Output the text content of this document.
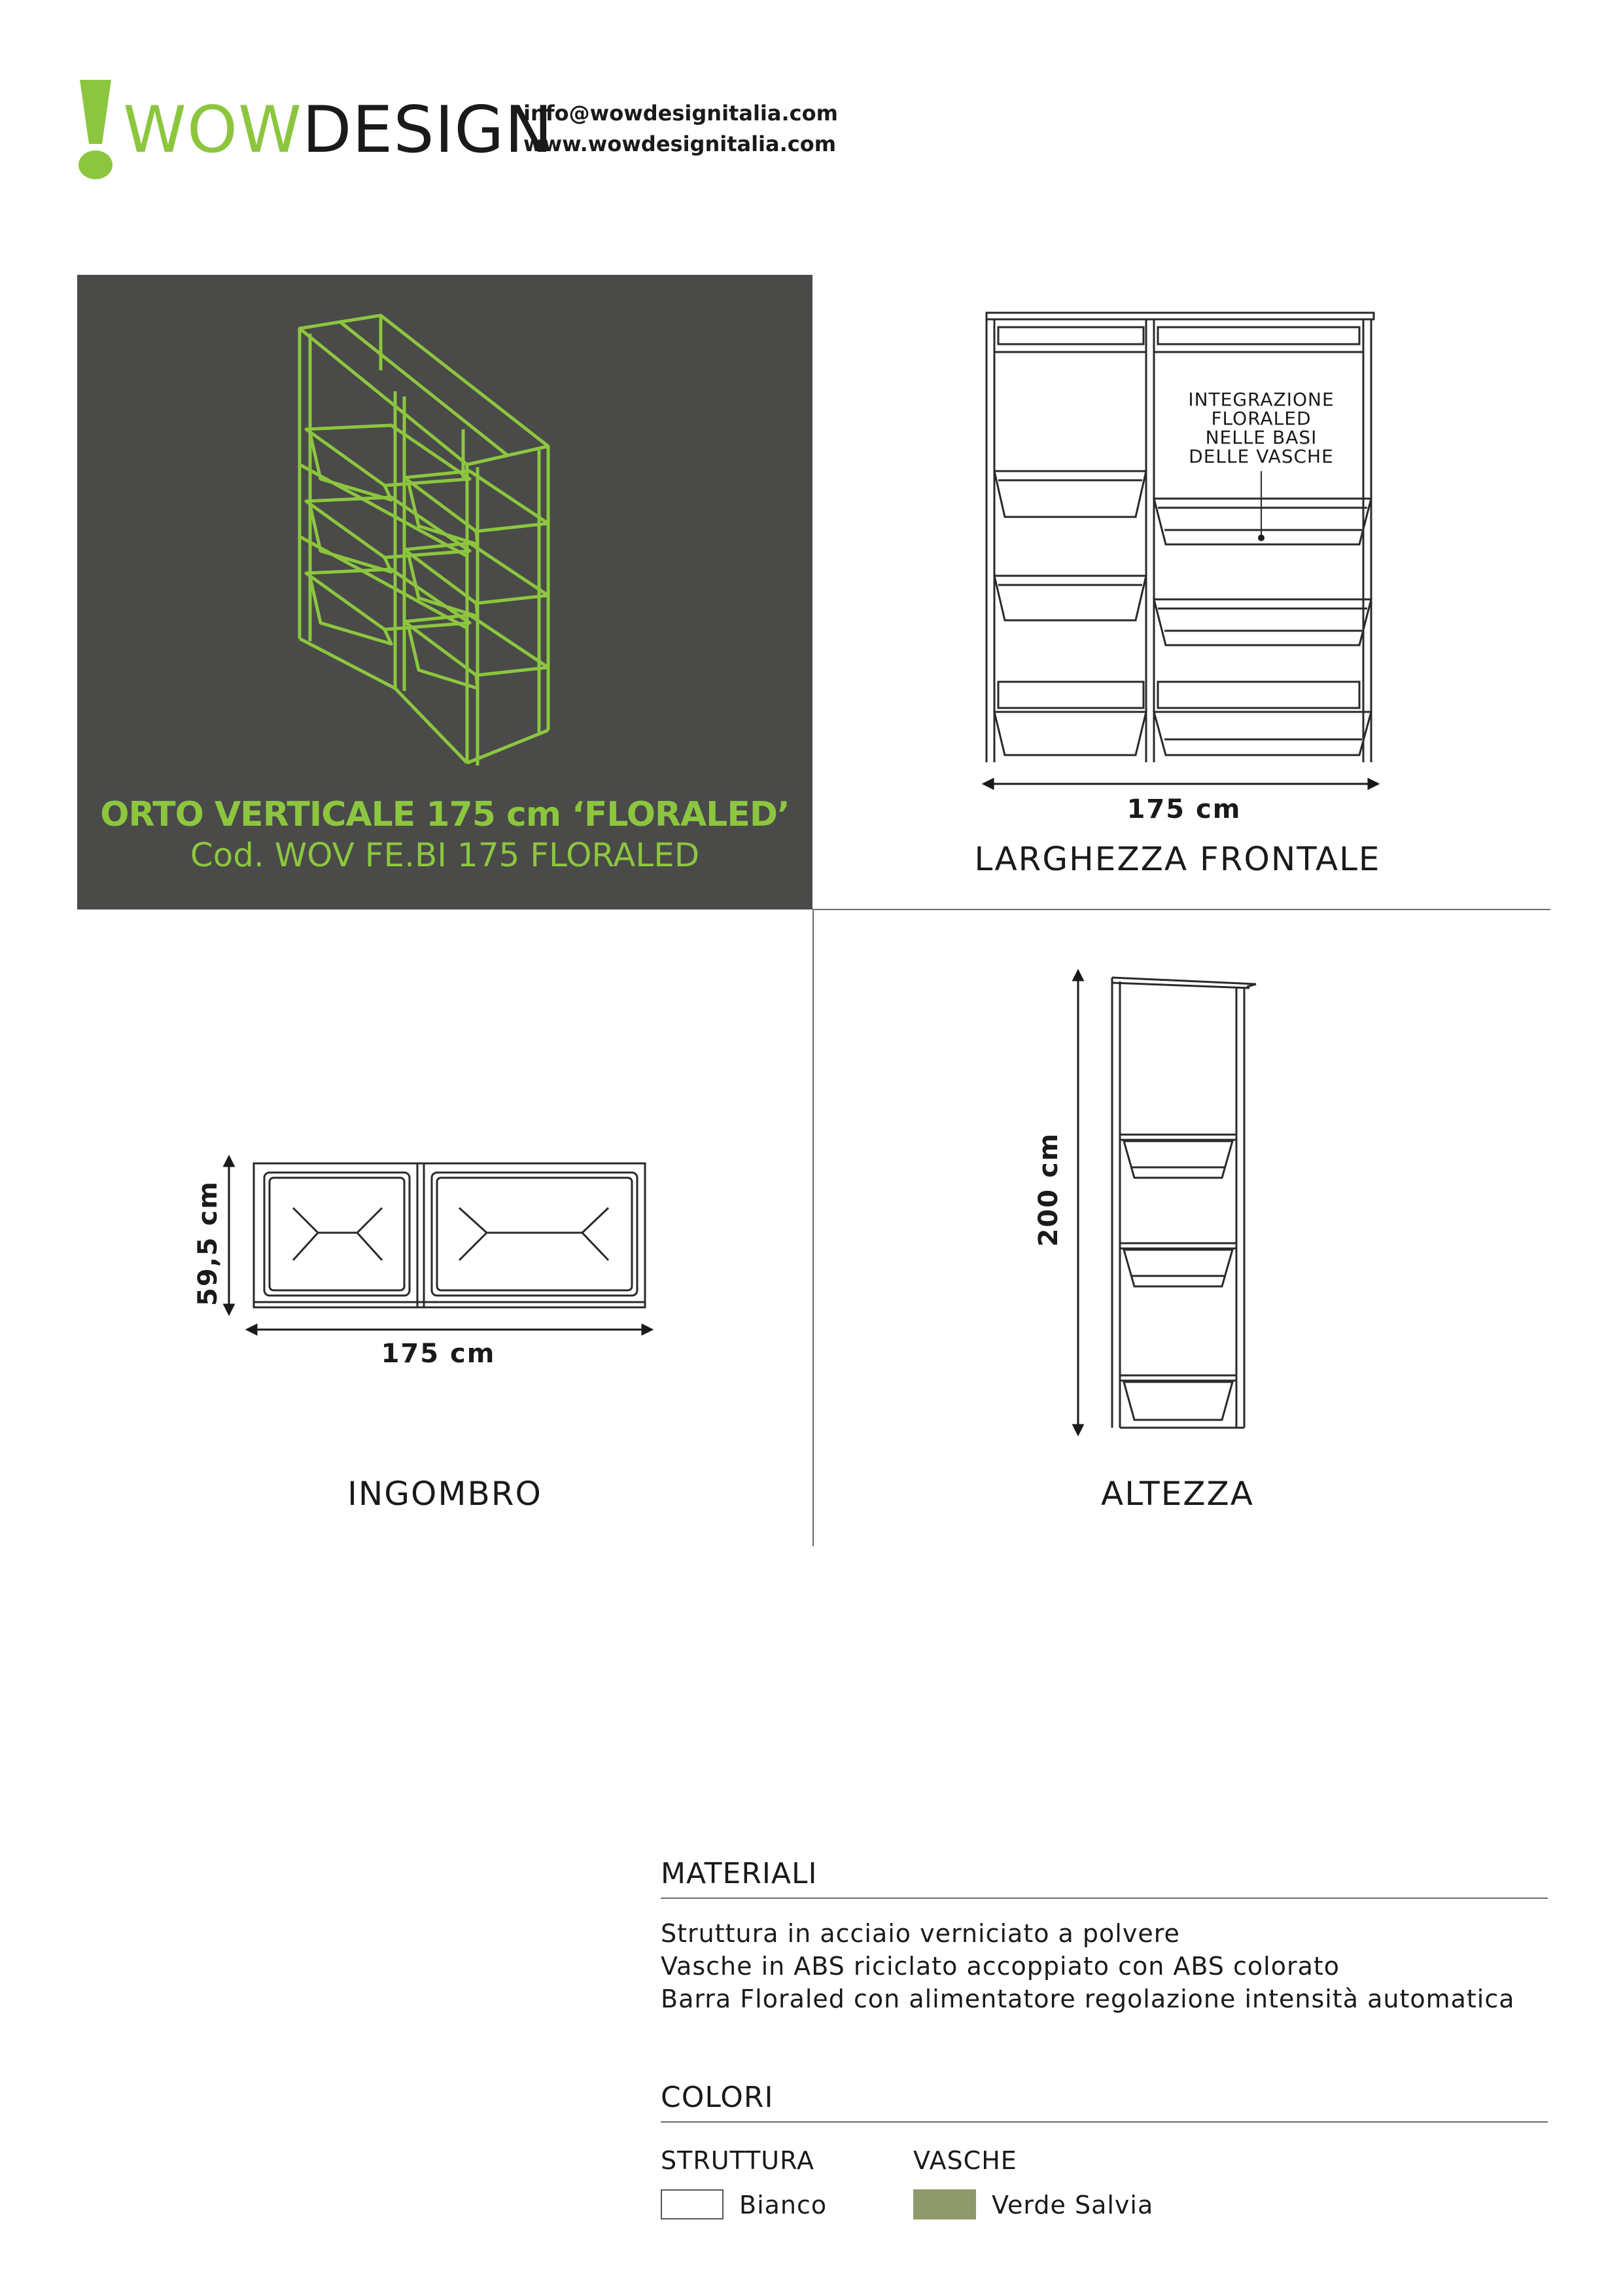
WOWDESIGN
info@wowdesignitalia.com
www.wowdesignitalia.com
ORTO VERTICALE 175 cm ‘FLORALED’
Cod. WOV FE.BI 175 FLORALED
INTEGRAZIONE
FLORALED
NELLE BASI
DELLE VASCHE
175 cm
LARGHEZZA FRONTALE
59,5 cm
175 cm
INGOMBRO
200 cm
ALTEZZA
MATERIALI
Struttura in acciaio verniciato a polvere
Vasche in ABS riciclato accoppiato con ABS colorato
Barra Floraled con alimentatore regolazione intensità automatica
COLORI
STRUTTURA
Bianco
VASCHE
Verde Salvia
